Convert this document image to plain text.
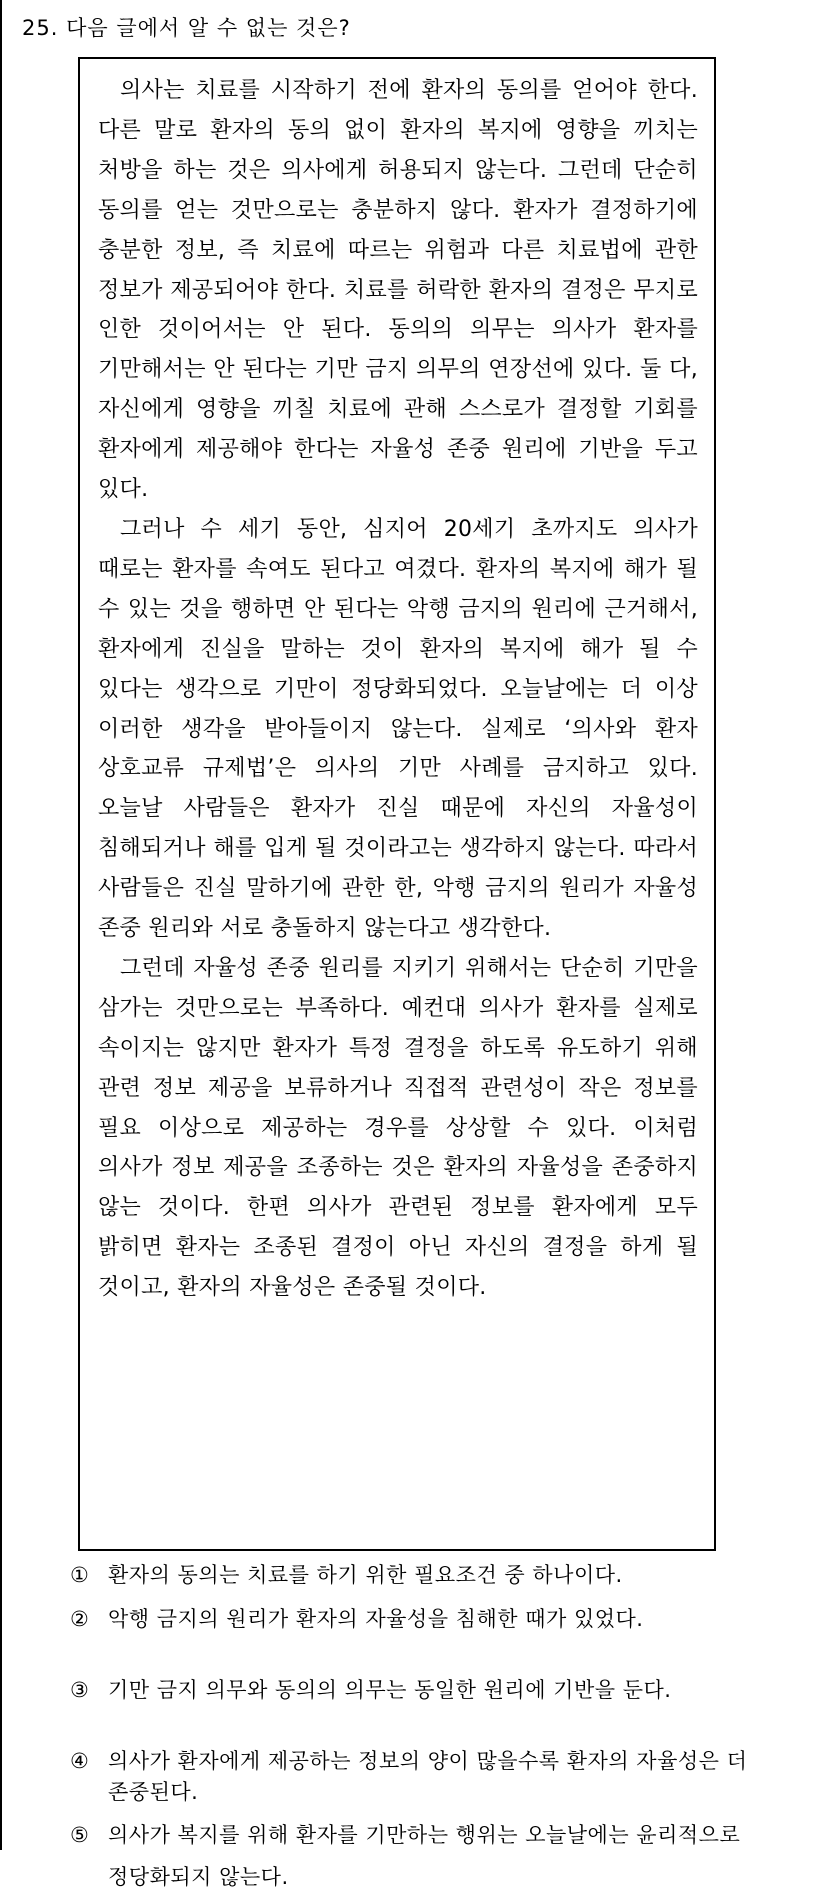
25. 다음 글에서 알 수 없는 것은?

의사는 치료를 시작하기 전에 환자의 동의를 얻어야 한다. 다른 말로 환자의 동의 없이 환자의 복지에 영향을 끼치는 처방을 하는 것은 의사에게 허용되지 않는다. 그런데 단순히 동의를 얻는 것만으로는 충분하지 않다. 환자가 결정하기에 충분한 정보, 즉 치료에 따르는 위험과 다른 치료법에 관한 정보가 제공되어야 한다. 치료를 허락한 환자의 결정은 무지로 인한 것이어서는 안 된다. 동의의 의무는 의사가 환자를 기만해서는 안 된다는 기만 금지 의무의 연장선에 있다. 둘 다, 자신에게 영향을 끼칠 치료에 관해 스스로가 결정할 기회를 환자에게 제공해야 한다는 자율성 존중 원리에 기반을 두고 있다.

그러나 수 세기 동안, 심지어 20세기 초까지도 의사가 때로는 환자를 속여도 된다고 여겼다. 환자의 복지에 해가 될 수 있는 것을 행하면 안 된다는 악행 금지의 원리에 근거해서, 환자에게 진실을 말하는 것이 환자의 복지에 해가 될 수 있다는 생각으로 기만이 정당화되었다. 오늘날에는 더 이상 이러한 생각을 받아들이지 않는다. 실제로 ‘의사와 환자 상호교류 규제법’은 의사의 기만 사례를 금지하고 있다. 오늘날 사람들은 환자가 진실 때문에 자신의 자율성이 침해되거나 해를 입게 될 것이라고는 생각하지 않는다. 따라서 사람들은 진실 말하기에 관한 한, 악행 금지의 원리가 자율성 존중 원리와 서로 충돌하지 않는다고 생각한다.

그런데 자율성 존중 원리를 지키기 위해서는 단순히 기만을 삼가는 것만으로는 부족하다. 예컨대 의사가 환자를 실제로 속이지는 않지만 환자가 특정 결정을 하도록 유도하기 위해 관련 정보 제공을 보류하거나 직접적 관련성이 작은 정보를 필요 이상으로 제공하는 경우를 상상할 수 있다. 이처럼 의사가 정보 제공을 조종하는 것은 환자의 자율성을 존중하지 않는 것이다. 한편 의사가 관련된 정보를 환자에게 모두 밝히면 환자는 조종된 결정이 아닌 자신의 결정을 하게 될 것이고, 환자의 자율성은 존중될 것이다.

① 환자의 동의는 치료를 하기 위한 필요조건 중 하나이다.
② 악행 금지의 원리가 환자의 자율성을 침해한 때가 있었다.
③ 기만 금지 의무와 동의의 의무는 동일한 원리에 기반을 둔다.
④ 의사가 환자에게 제공하는 정보의 양이 많을수록 환자의 자율성은 더 존중된다.
⑤ 의사가 복지를 위해 환자를 기만하는 행위는 오늘날에는 윤리적으로 정당화되지 않는다.
